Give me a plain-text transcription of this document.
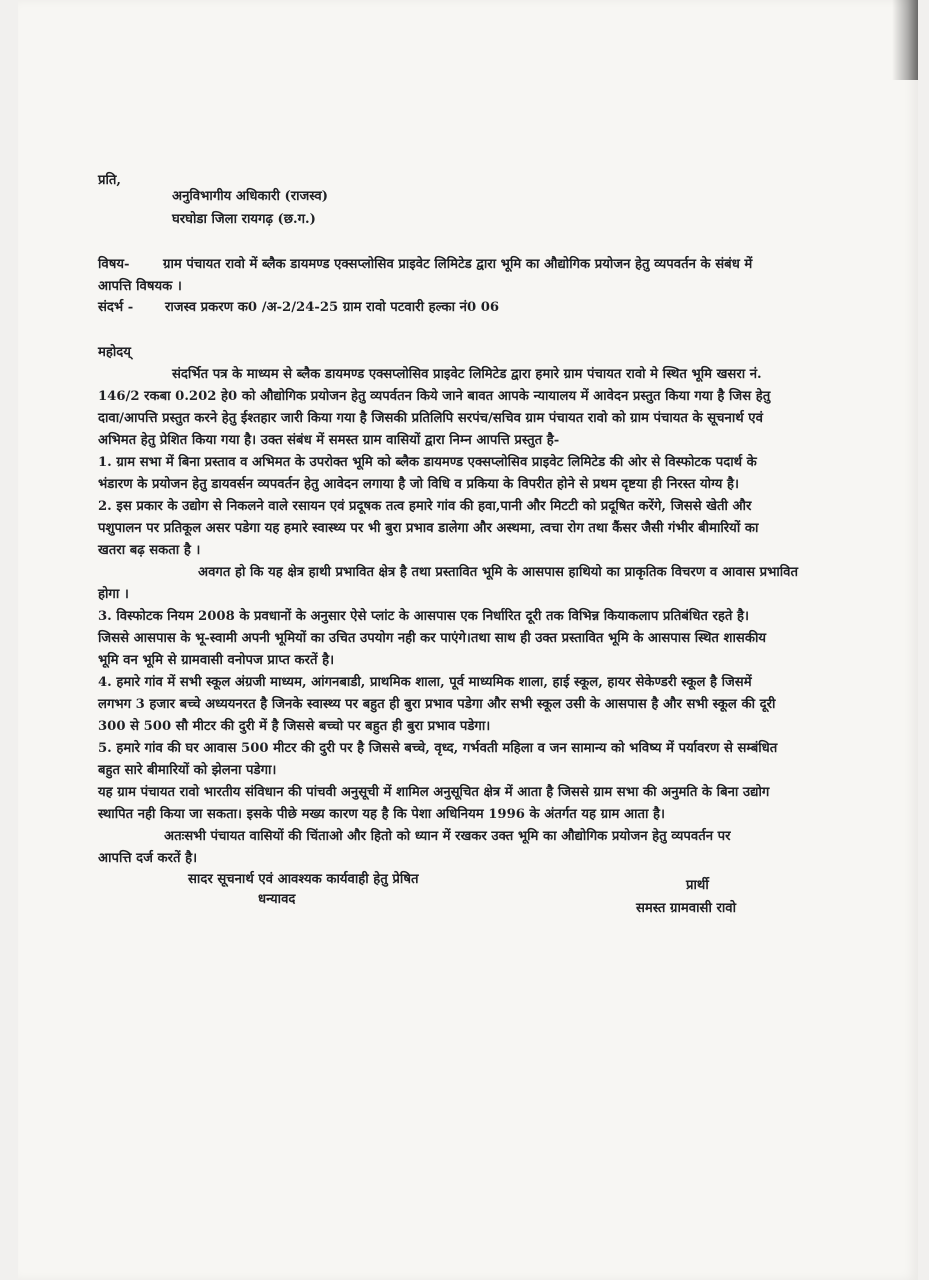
प्रति,
अनुविभागीय अधिकारी (राजस्व)
घरघोडा जिला रायगढ़ (छ.ग.)
विषय-	ग्राम पंचायत रावो में ब्लैक डायमण्ड एक्सप्लोसिव प्राइवेट लिमिटेड द्वारा भूमि का औद्योगिक प्रयोजन हेतु व्यपवर्तन के संबंध में
आपत्ति विषयक ।
संदर्भ - राजस्व प्रकरण क0 /अ-2/24-25 ग्राम रावो पटवारी हल्का नं0 06
महोदय्
संदर्भित पत्र के माध्यम से ब्लैक डायमण्ड एक्सप्लोसिव प्राइवेट लिमिटेड द्वारा हमारे ग्राम पंचायत रावो मे स्थित भूमि खसरा नं.
146/2 रकबा 0.202 हे0 को औद्योगिक प्रयोजन हेतु व्यपर्वतन किये जाने बावत आपके न्यायालय में आवेदन प्रस्तुत किया गया है जिस हेतु
दावा/आपत्ति प्रस्तुत करने हेतु ईश्तहार जारी किया गया है जिसकी प्रतिलिपि सरपंच/सचिव ग्राम पंचायत रावो को ग्राम पंचायत के सूचनार्थ एवं
अभिमत हेतु प्रेशित किया गया है। उक्त संबंध में समस्त ग्राम वासियों द्वारा निम्न आपत्ति प्रस्तुत है-
1. ग्राम सभा में बिना प्रस्ताव व अभिमत के उपरोक्त भूमि को ब्लैक डायमण्ड एक्सप्लोसिव प्राइवेट लिमिटेड की ओर से विस्फोटक पदार्थ के
भंडारण के प्रयोजन हेतु डायवर्सन व्यपवर्तन हेतु आवेदन लगाया है जो विधि व प्रकिया के विपरीत होने से प्रथम दृष्टया ही निरस्त योग्य है।
2. इस प्रकार के उद्योग से निकलने वाले रसायन एवं प्रदूषक तत्व हमारे गांव की हवा,पानी और मिटटी को प्रदूषित करेंगे, जिससे खेती और
पशुपालन पर प्रतिकूल असर पडेगा यह हमारे स्वास्थ्य पर भी बुरा प्रभाव डालेगा और अस्थमा, त्वचा रोग तथा कैंसर जैसी गंभीर बीमारियों का
खतरा बढ़ सकता है ।
अवगत हो कि यह क्षेत्र हाथी प्रभावित क्षेत्र है तथा प्रस्तावित भूमि के आसपास हाथियो का प्राकृतिक विचरण व आवास प्रभावित
होगा ।
3. विस्फोटक नियम 2008 के प्रवधानों के अनुसार ऐसे प्लांट के आसपास एक निर्धारित दूरी तक विभिन्न कियाकलाप प्रतिबंधित रहते है।
जिससे आसपास के भू-स्वामी अपनी भूमियों का उचित उपयोग नही कर पाएंगे।तथा साथ ही उक्त प्रस्तावित भूमि के आसपास स्थित शासकीय
भूमि वन भूमि से ग्रामवासी वनोपज प्राप्त करतें है।
4. हमारे गांव में सभी स्कूल अंग्रजी माध्यम, आंगनबाडी, प्राथमिक शाला, पूर्व माध्यमिक शाला, हाई स्कूल, हायर सेकेण्डरी स्कूल है जिसमें
लगभग 3 हजार बच्चे अध्ययनरत है जिनके स्वास्थ्य पर बहुत ही बुरा प्रभाव पडेगा और सभी स्कूल उसी के आसपास है और सभी स्कूल की दूरी
300 से 500 सौ मीटर की दुरी में है जिससे बच्चो पर बहुत ही बुरा प्रभाव पडेगा।
5. हमारे गांव की घर आवास 500 मीटर की दुरी पर है जिससे बच्चे, वृध्द, गर्भवती महिला व जन सामान्य को भविष्य में पर्यावरण से सम्बंधित
बहुत सारे बीमारियों को झेलना पडेगा।
यह ग्राम पंचायत रावो भारतीय संविधान की पांचवी अनुसूची में शामिल अनुसूचित क्षेत्र में आता है जिससे ग्राम सभा की अनुमति के बिना उद्योग
स्थापित नही किया जा सकता। इसके पीछे मख्य कारण यह है कि पेशा अधिनियम 1996 के अंतर्गत यह ग्राम आता है।
अतःसभी पंचायत वासियों की चिंताओ और हितो को ध्यान में रखकर उक्त भूमि का औद्योगिक प्रयोजन हेतु व्यपवर्तन पर
आपत्ति दर्ज करतें है।
सादर सूचनार्थ एवं आवश्यक कार्यवाही हेतु प्रेषित
धन्यावद
प्रार्थी
समस्त ग्रामवासी रावो
